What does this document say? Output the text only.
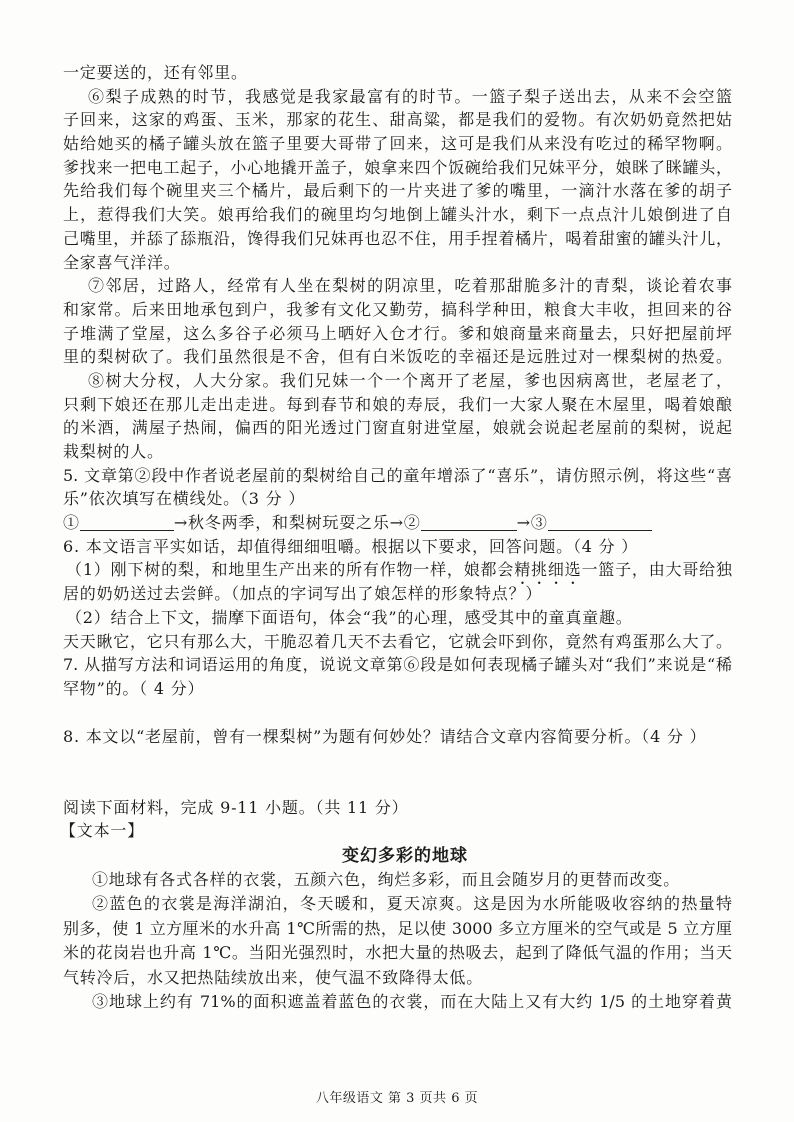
一定要送的，还有邻里。
⑥梨子成熟的时节，我感觉是我家最富有的时节。一篮子梨子送出去，从来不会空篮
子回来，这家的鸡蛋、玉米，那家的花生、甜高粱，都是我们的爱物。有次奶奶竟然把姑
姑给她买的橘子罐头放在篮子里要大哥带了回来，这可是我们从来没有吃过的稀罕物啊。
爹找来一把电工起子，小心地撬开盖子，娘拿来四个饭碗给我们兄妹平分，娘眯了眯罐头，
先给我们每个碗里夹三个橘片，最后剩下的一片夹进了爹的嘴里，一滴汁水落在爹的胡子
上，惹得我们大笑。娘再给我们的碗里均匀地倒上罐头汁水，剩下一点点汁儿娘倒进了自
己嘴里，并舔了舔瓶沿，馋得我们兄妹再也忍不住，用手捏着橘片，喝着甜蜜的罐头汁儿，
全家喜气洋洋。
⑦邻居，过路人，经常有人坐在梨树的阴凉里，吃着那甜脆多汁的青梨，谈论着农事
和家常。后来田地承包到户，我爹有文化又勤劳，搞科学种田，粮食大丰收，担回来的谷
子堆满了堂屋，这么多谷子必须马上晒好入仓才行。爹和娘商量来商量去，只好把屋前坪
里的梨树砍了。我们虽然很是不舍，但有白米饭吃的幸福还是远胜过对一棵梨树的热爱。
⑧树大分杈，人大分家。我们兄妹一个一个离开了老屋，爹也因病离世，老屋老了，
只剩下娘还在那儿走出走进。每到春节和娘的寿辰，我们一大家人聚在木屋里，喝着娘酿
的米酒，满屋子热闹，偏西的阳光透过门窗直射进堂屋，娘就会说起老屋前的梨树，说起
栽梨树的人。
5. 文章第②段中作者说老屋前的梨树给自己的童年增添了“喜乐”，请仿照示例，将这些“喜
乐”依次填写在横线处。（3 分 ）
①	→秋冬两季，和梨树玩耍之乐→②	→③
6. 本文语言平实如话，却值得细细咀嚼。根据以下要求，回答问题。（4 分 ）
（1）刚下树的梨，和地里生产出来的所有作物一样，娘都会精挑细选一篮子，由大哥给独
居的奶奶送过去尝鲜。（加点的字词写出了娘怎样的形象特点？）
（2）结合上下文，揣摩下面语句，体会“我”的心理，感受其中的童真童趣。
天天瞅它，它只有那么大，干脆忍着几天不去看它，它就会吓到你，竟然有鸡蛋那么大了。
7. 从描写方法和词语运用的角度，说说文章第⑥段是如何表现橘子罐头对“我们”来说是“稀
罕物”的。（ 4 分）
8. 本文以“老屋前，曾有一棵梨树”为题有何妙处？请结合文章内容简要分析。（4 分 ）
阅读下面材料，完成 9-11 小题。（共 11 分）
【文本一】
变幻多彩的地球
①地球有各式各样的衣裳，五颜六色，绚烂多彩，而且会随岁月的更替而改变。
②蓝色的衣裳是海洋湖泊，冬天暖和，夏天凉爽。这是因为水所能吸收容纳的热量特
别多，使 1 立方厘米的水升高 1℃所需的热，足以使 3000 多立方厘米的空气或是 5 立方厘
米的花岗岩也升高 1℃。当阳光强烈时，水把大量的热吸去，起到了降低气温的作用；当天
气转冷后，水又把热陆续放出来，使气温不致降得太低。
③地球上约有 71%的面积遮盖着蓝色的衣裳，而在大陆上又有大约 1/5 的土地穿着黄
八年级语文 第 3 页共 6 页
